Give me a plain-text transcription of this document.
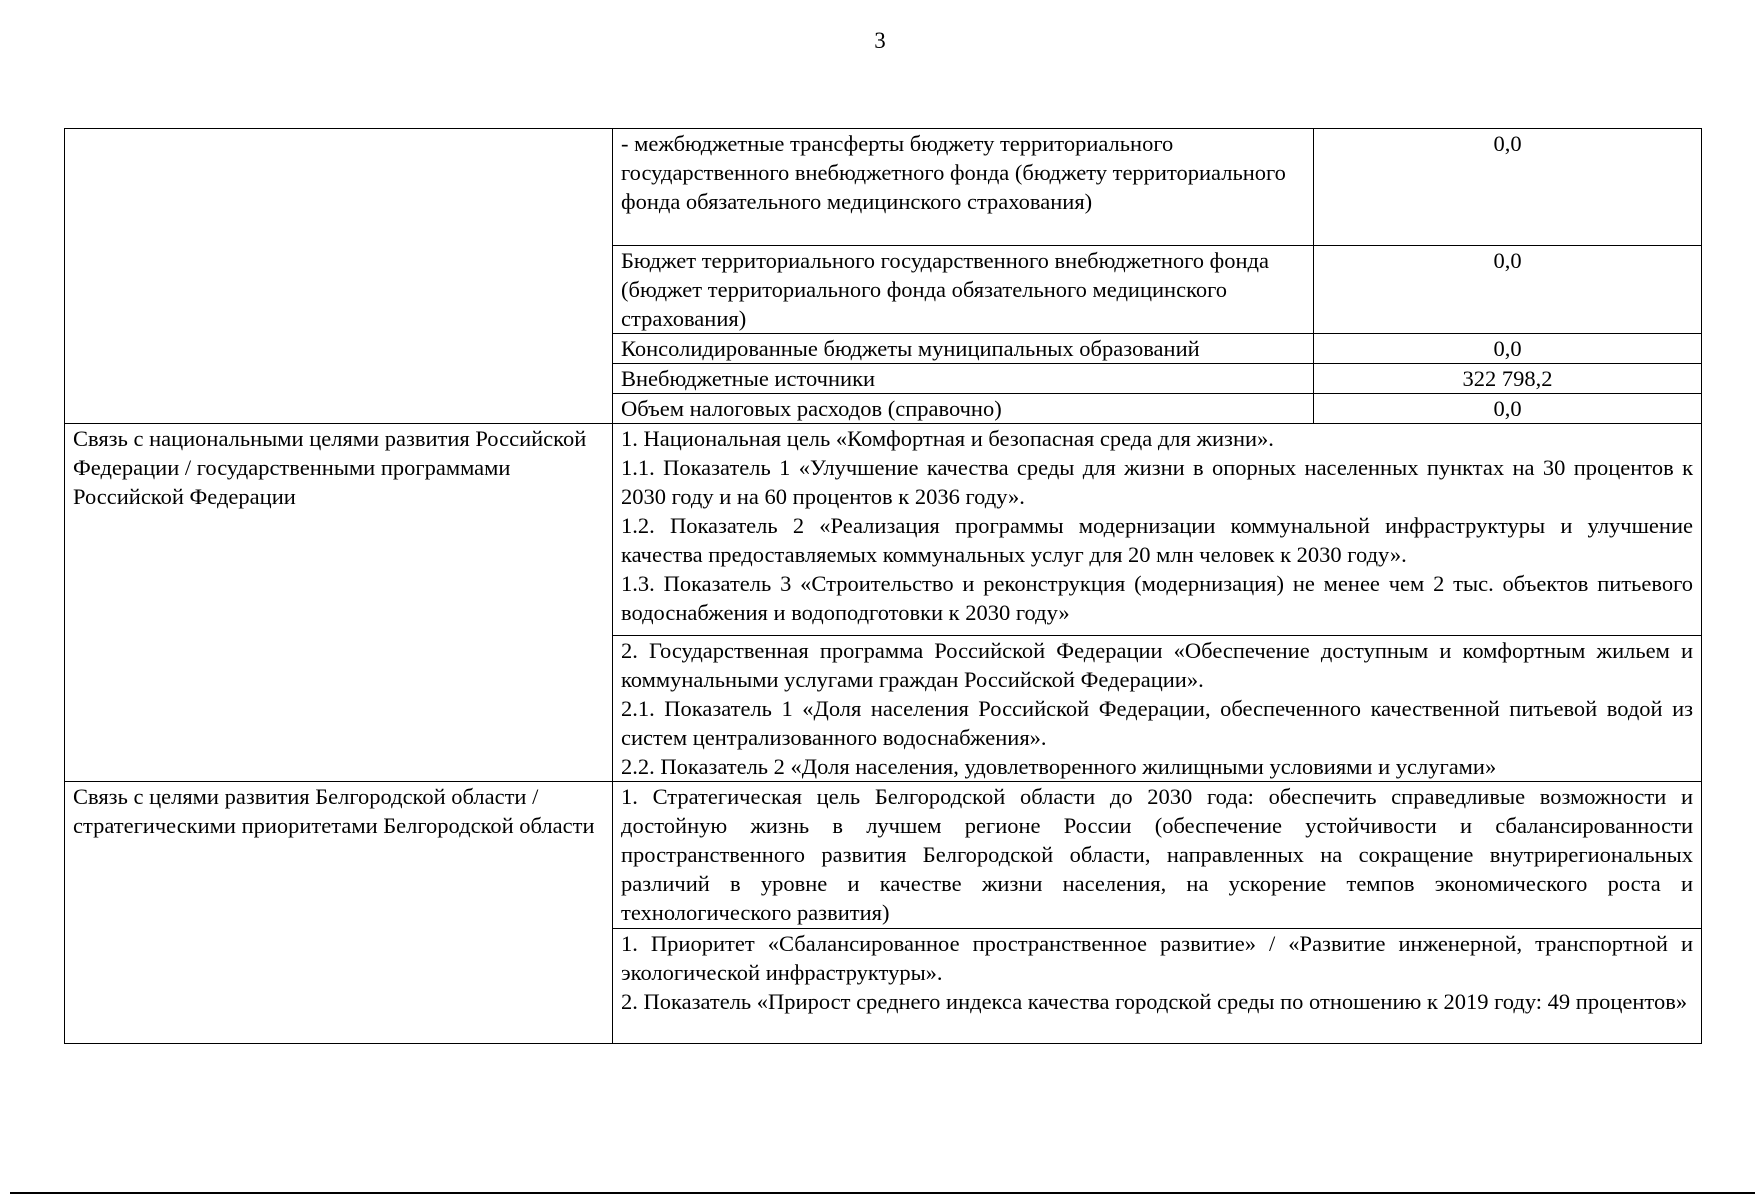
3
	- межбюджетные трансферты бюджету территориального государственного внебюджетного фонда (бюджету территориального фонда обязательного медицинского страхования)	0,0
	Бюджет территориального государственного внебюджетного фонда (бюджет территориального фонда обязательного медицинского страхования)	0,0
	Консолидированные бюджеты муниципальных образований	0,0
	Внебюджетные источники	322 798,2
	Объем налоговых расходов (справочно)	0,0
Связь с национальными целями развития Российской Федерации / государственными программами Российской Федерации	1. Национальная цель «Комфортная и безопасная среда для жизни».

1.1. Показатель 1 «Улучшение качества среды для жизни в опорных населенных пунктах на 30 процентов к 2030 году и на 60 процентов к 2036 году».

1.2. Показатель 2 «Реализация программы модернизации коммунальной инфраструктуры и улучшение качества предоставляемых коммунальных услуг для 20 млн человек к 2030 году».

1.3. Показатель 3 «Строительство и реконструкция (модернизация) не менее чем 2 тыс. объектов питьевого водоснабжения и водоподготовки к 2030 году»	

	2. Государственная программа Российской Федерации «Обеспечение доступным и комфортным жильем и коммунальными услугами граждан Российской Федерации».

2.1. Показатель 1 «Доля населения Российской Федерации, обеспеченного качественной питьевой водой из систем централизованного водоснабжения».

2.2. Показатель 2 «Доля населения, удовлетворенного жилищными условиями и услугами»	

Связь с целями развития Белгородской области / стратегическими приоритетами Белгородской области	1. Стратегическая цель Белгородской области до 2030 года: обеспечить справедливые возможности и достойную жизнь в лучшем регионе России (обеспечение устойчивости и сбалансированности пространственного развития Белгородской области, направленных на сокращение внутрирегиональных различий в уровне и качестве жизни населения, на ускорение темпов экономического роста и технологического развития)	

	1. Приоритет «Сбалансированное пространственное развитие» / «Развитие инженерной, транспортной и экологической инфраструктуры».

2. Показатель «Прирост среднего индекса качества городской среды по отношению к 2019 году: 49 процентов»	
